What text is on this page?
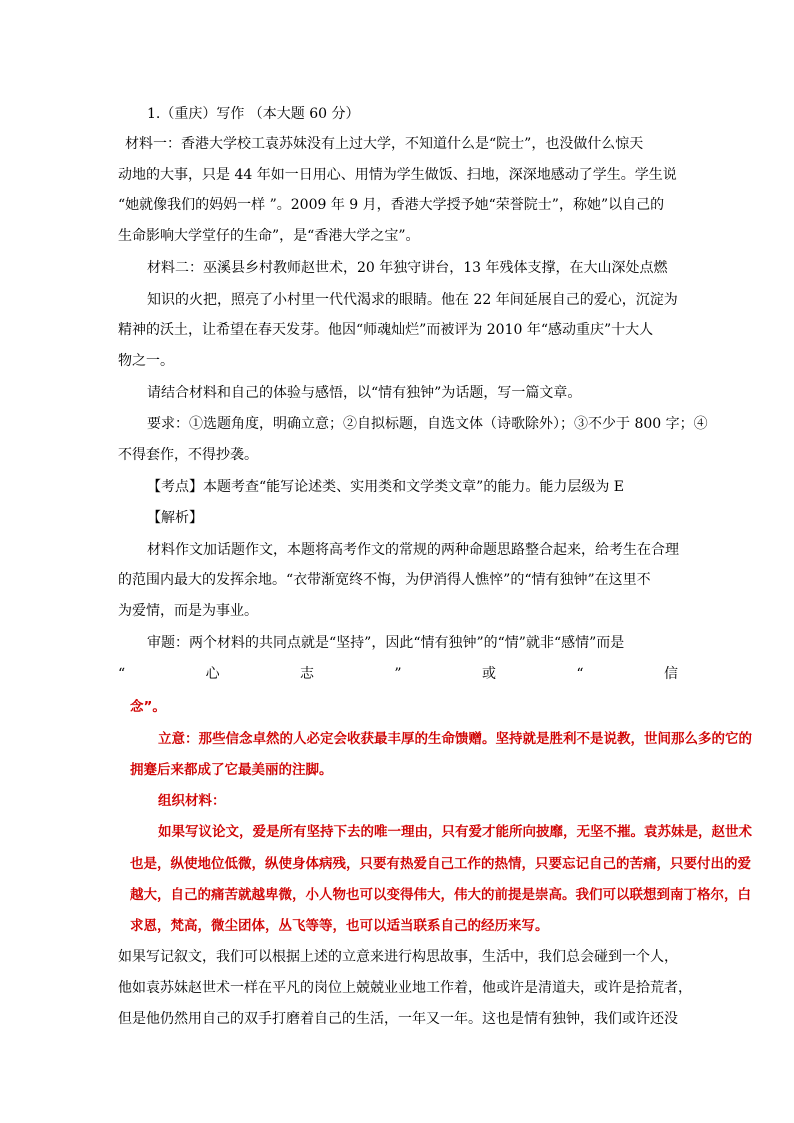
1.（重庆）写作 （本大题 60 分）
材料一：香港大学校工袁苏妹没有上过大学，不知道什么是“院士”，也没做什么惊天
动地的大事，只是 44 年如一日用心、用情为学生做饭、扫地，深深地感动了学生。学生说
“她就像我们的妈妈一样 ”。2009 年 9 月，香港大学授予她“荣誉院士”，称她”以自己的
生命影响大学堂仔的生命”，是“香港大学之宝”。
材料二：巫溪县乡村教师赵世术，20 年独守讲台，13 年残体支撑，在大山深处点燃
知识的火把，照亮了小村里一代代渴求的眼睛。他在 22 年间延展自己的爱心，沉淀为
精神的沃土，让希望在春天发芽。他因“师魂灿烂”而被评为 2010 年“感动重庆”十大人
物之一。
请结合材料和自己的体验与感悟，以“情有独钟”为话题，写一篇文章。
要求：①选题角度，明确立意；②自拟标题，自选文体（诗歌除外）；③不少于 800 字；④
不得套作，不得抄袭。
【考点】本题考查“能写论述类、实用类和文学类文章”的能力。能力层级为 E
【解析】
材料作文加话题作文，本题将高考作文的常规的两种命题思路整合起来，给考生在合理
的范围内最大的发挥余地。“衣带渐宽终不悔，为伊消得人憔悴”的“情有独钟”在这里不
为爱情，而是为事业。
审题：两个材料的共同点就是“坚持”，因此“情有独钟”的“情”就非“感情”而是
“	心	志	”	或	“	信
念”。
立意：那些信念卓然的人必定会收获最丰厚的生命馈赠。坚持就是胜利不是说教，世间那么多的它的
拥蹇后来都成了它最美丽的注脚。
组织材料：
如果写议论文，爱是所有坚持下去的唯一理由，只有爱才能所向披靡，无坚不摧。袁苏妹是，赵世术
也是，纵使地位低微，纵使身体病残，只要有热爱自己工作的热情，只要忘记自己的苦痛，只要付出的爱
越大，自己的痛苦就越卑微，小人物也可以变得伟大，伟大的前提是崇高。我们可以联想到南丁格尔，白
求恩，梵高，微尘团体，丛飞等等，也可以适当联系自己的经历来写。
如果写记叙文，我们可以根据上述的立意来进行构思故事，生活中，我们总会碰到一个人，
他如袁苏妹赵世术一样在平凡的岗位上兢兢业业地工作着，他或许是清道夫，或许是拾荒者，
但是他仍然用自己的双手打磨着自己的生活，一年又一年。这也是情有独钟，我们或许还没
